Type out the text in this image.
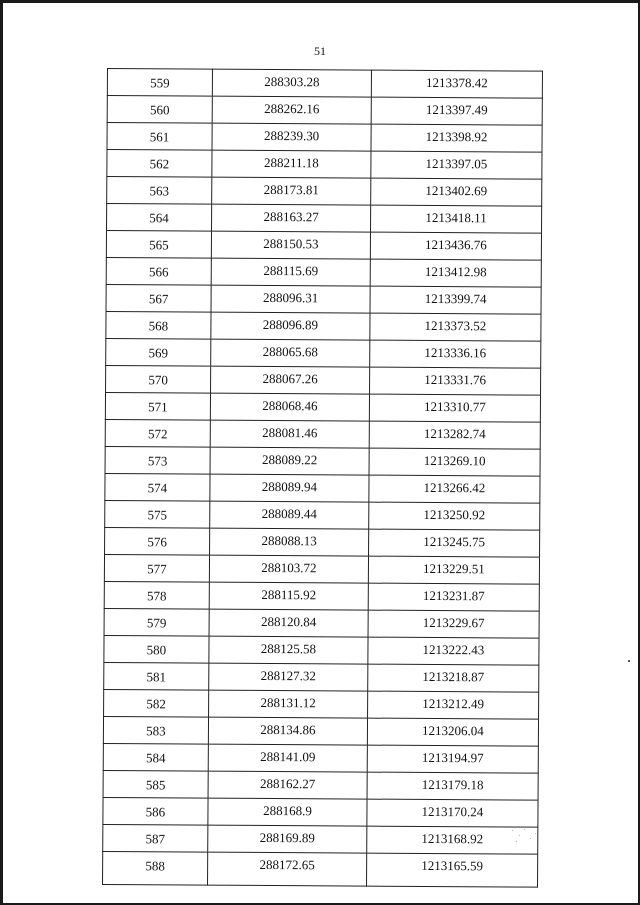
51
559	288303.28	1213378.42
560	288262.16	1213397.49
561	288239.30	1213398.92
562	288211.18	1213397.05
563	288173.81	1213402.69
564	288163.27	1213418.11
565	288150.53	1213436.76
566	288115.69	1213412.98
567	288096.31	1213399.74
568	288096.89	1213373.52
569	288065.68	1213336.16
570	288067.26	1213331.76
571	288068.46	1213310.77
572	288081.46	1213282.74
573	288089.22	1213269.10
574	288089.94	1213266.42
575	288089.44	1213250.92
576	288088.13	1213245.75
577	288103.72	1213229.51
578	288115.92	1213231.87
579	288120.84	1213229.67
580	288125.58	1213222.43
581	288127.32	1213218.87
582	288131.12	1213212.49
583	288134.86	1213206.04
584	288141.09	1213194.97
585	288162.27	1213179.18
586	288168.9	1213170.24
587	288169.89	1213168.92
588	288172.65	1213165.59
